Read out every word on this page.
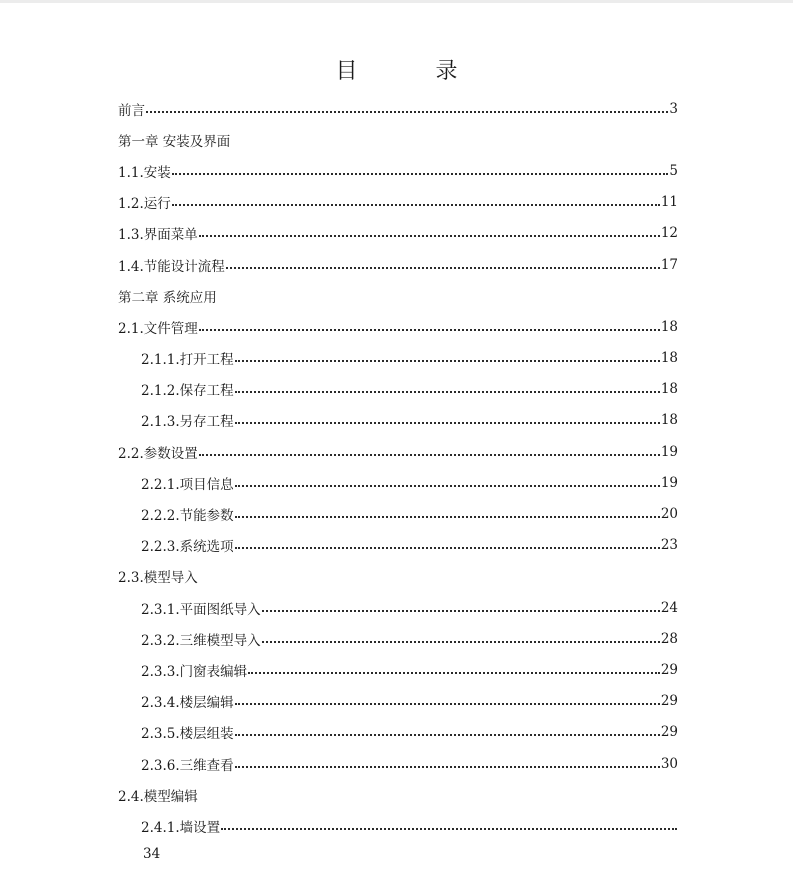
目	录
前言	3
第一章 安装及界面
1.1.安装	5
1.2.运行	11
1.3.界面菜单	12
1.4.节能设计流程	17
第二章 系统应用
2.1.文件管理	18
2.1.1.打开工程	18
2.1.2.保存工程	18
2.1.3.另存工程	18
2.2.参数设置	19
2.2.1.项目信息	19
2.2.2.节能参数	20
2.2.3.系统选项	23
2.3.模型导入
2.3.1.平面图纸导入	24
2.3.2.三维模型导入	28
2.3.3.门窗表编辑	29
2.3.4.楼层编辑	29
2.3.5.楼层组装	29
2.3.6.三维查看	30
2.4.模型编辑
2.4.1.墙设置
34
